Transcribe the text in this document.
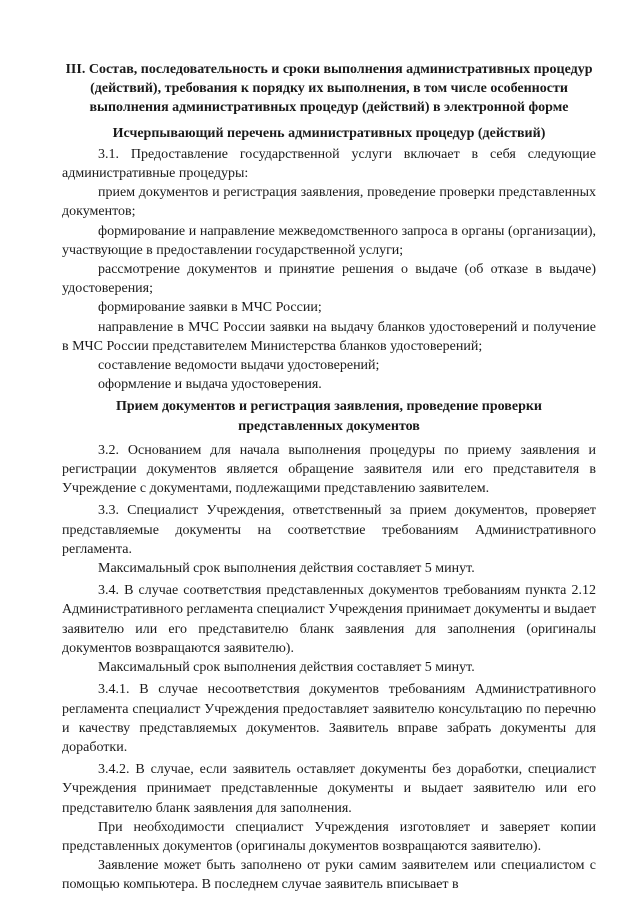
III. Состав, последовательность и сроки выполнения административных процедур (действий), требования к порядку их выполнения, в том числе особенности выполнения административных процедур (действий) в электронной форме
Исчерпывающий перечень административных процедур (действий)

3.1. Предоставление государственной услуги включает в себя следующие административные процедуры:

прием документов и регистрация заявления, проведение проверки представленных документов;

формирование и направление межведомственного запроса в органы (организации), участвующие в предоставлении государственной услуги;

рассмотрение документов и принятие решения о выдаче (об отказе в выдаче) удостоверения;

формирование заявки в МЧС России;

направление в МЧС России заявки на выдачу бланков удостоверений и получение в МЧС России представителем Министерства бланков удостоверений;

составление ведомости выдачи удостоверений;

оформление и выдача удостоверения.

Прием документов и регистрация заявления, проведение проверки представленных документов

3.2. Основанием для начала выполнения процедуры по приему заявления и регистрации документов является обращение заявителя или его представителя в Учреждение с документами, подлежащими представлению заявителем.

3.3. Специалист Учреждения, ответственный за прием документов, проверяет представляемые документы на соответствие требованиям Административного регламента.

Максимальный срок выполнения действия составляет 5 минут.

3.4. В случае соответствия представленных документов требованиям пункта 2.12 Административного регламента специалист Учреждения принимает документы и выдает заявителю или его представителю бланк заявления для заполнения (оригиналы документов возвращаются заявителю).

Максимальный срок выполнения действия составляет 5 минут.

3.4.1. В случае несоответствия документов требованиям Административного регламента специалист Учреждения предоставляет заявителю консультацию по перечню и качеству представляемых документов. Заявитель вправе забрать документы для доработки.

3.4.2. В случае, если заявитель оставляет документы без доработки, специалист Учреждения принимает представленные документы и выдает заявителю или его представителю бланк заявления для заполнения.

При необходимости специалист Учреждения изготовляет и заверяет копии представленных документов (оригиналы документов возвращаются заявителю).

Заявление может быть заполнено от руки самим заявителем или специалистом с помощью компьютера. В последнем случае заявитель вписывает в
